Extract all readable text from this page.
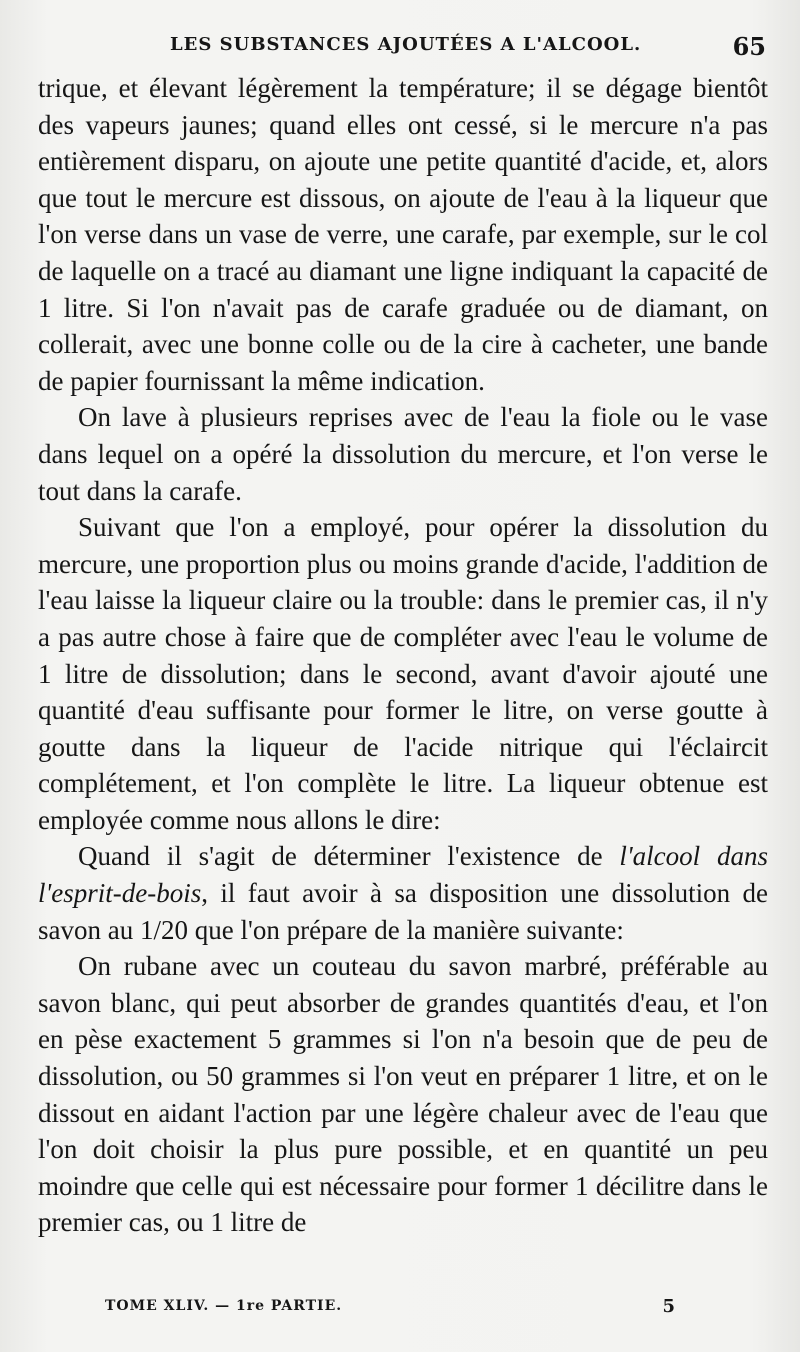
LES SUBSTANCES AJOUTÉES A L'ALCOOL.	65

trique, et élevant légèrement la température; il se dégage bientôt des vapeurs jaunes; quand elles ont cessé, si le mercure n'a pas entièrement disparu, on ajoute une petite quantité d'acide, et, alors que tout le mercure est dissous, on ajoute de l'eau à la liqueur que l'on verse dans un vase de verre, une carafe, par exemple, sur le col de laquelle on a tracé au diamant une ligne indiquant la capacité de 1 litre. Si l'on n'avait pas de carafe graduée ou de diamant, on collerait, avec une bonne colle ou de la cire à cacheter, une bande de papier fournissant la même indication.

On lave à plusieurs reprises avec de l'eau la fiole ou le vase dans lequel on a opéré la dissolution du mercure, et l'on verse le tout dans la carafe.

Suivant que l'on a employé, pour opérer la dissolution du mercure, une proportion plus ou moins grande d'acide, l'addition de l'eau laisse la liqueur claire ou la trouble: dans le premier cas, il n'y a pas autre chose à faire que de compléter avec l'eau le volume de 1 litre de dissolution; dans le second, avant d'avoir ajouté une quantité d'eau suffisante pour former le litre, on verse goutte à goutte dans la liqueur de l'acide nitrique qui l'éclaircit complétement, et l'on complète le litre. La liqueur obtenue est employée comme nous allons le dire:

Quand il s'agit de déterminer l'existence de l'alcool dans l'esprit-de-bois, il faut avoir à sa disposition une dissolution de savon au 1/20 que l'on prépare de la manière suivante:

On rubane avec un couteau du savon marbré, préférable au savon blanc, qui peut absorber de grandes quantités d'eau, et l'on en pèse exactement 5 grammes si l'on n'a besoin que de peu de dissolution, ou 50 grammes si l'on veut en préparer 1 litre, et on le dissout en aidant l'action par une légère chaleur avec de l'eau que l'on doit choisir la plus pure possible, et en quantité un peu moindre que celle qui est nécessaire pour former 1 décilitre dans le premier cas, ou 1 litre de

TOME XLIV. — 1re PARTIE.	5
